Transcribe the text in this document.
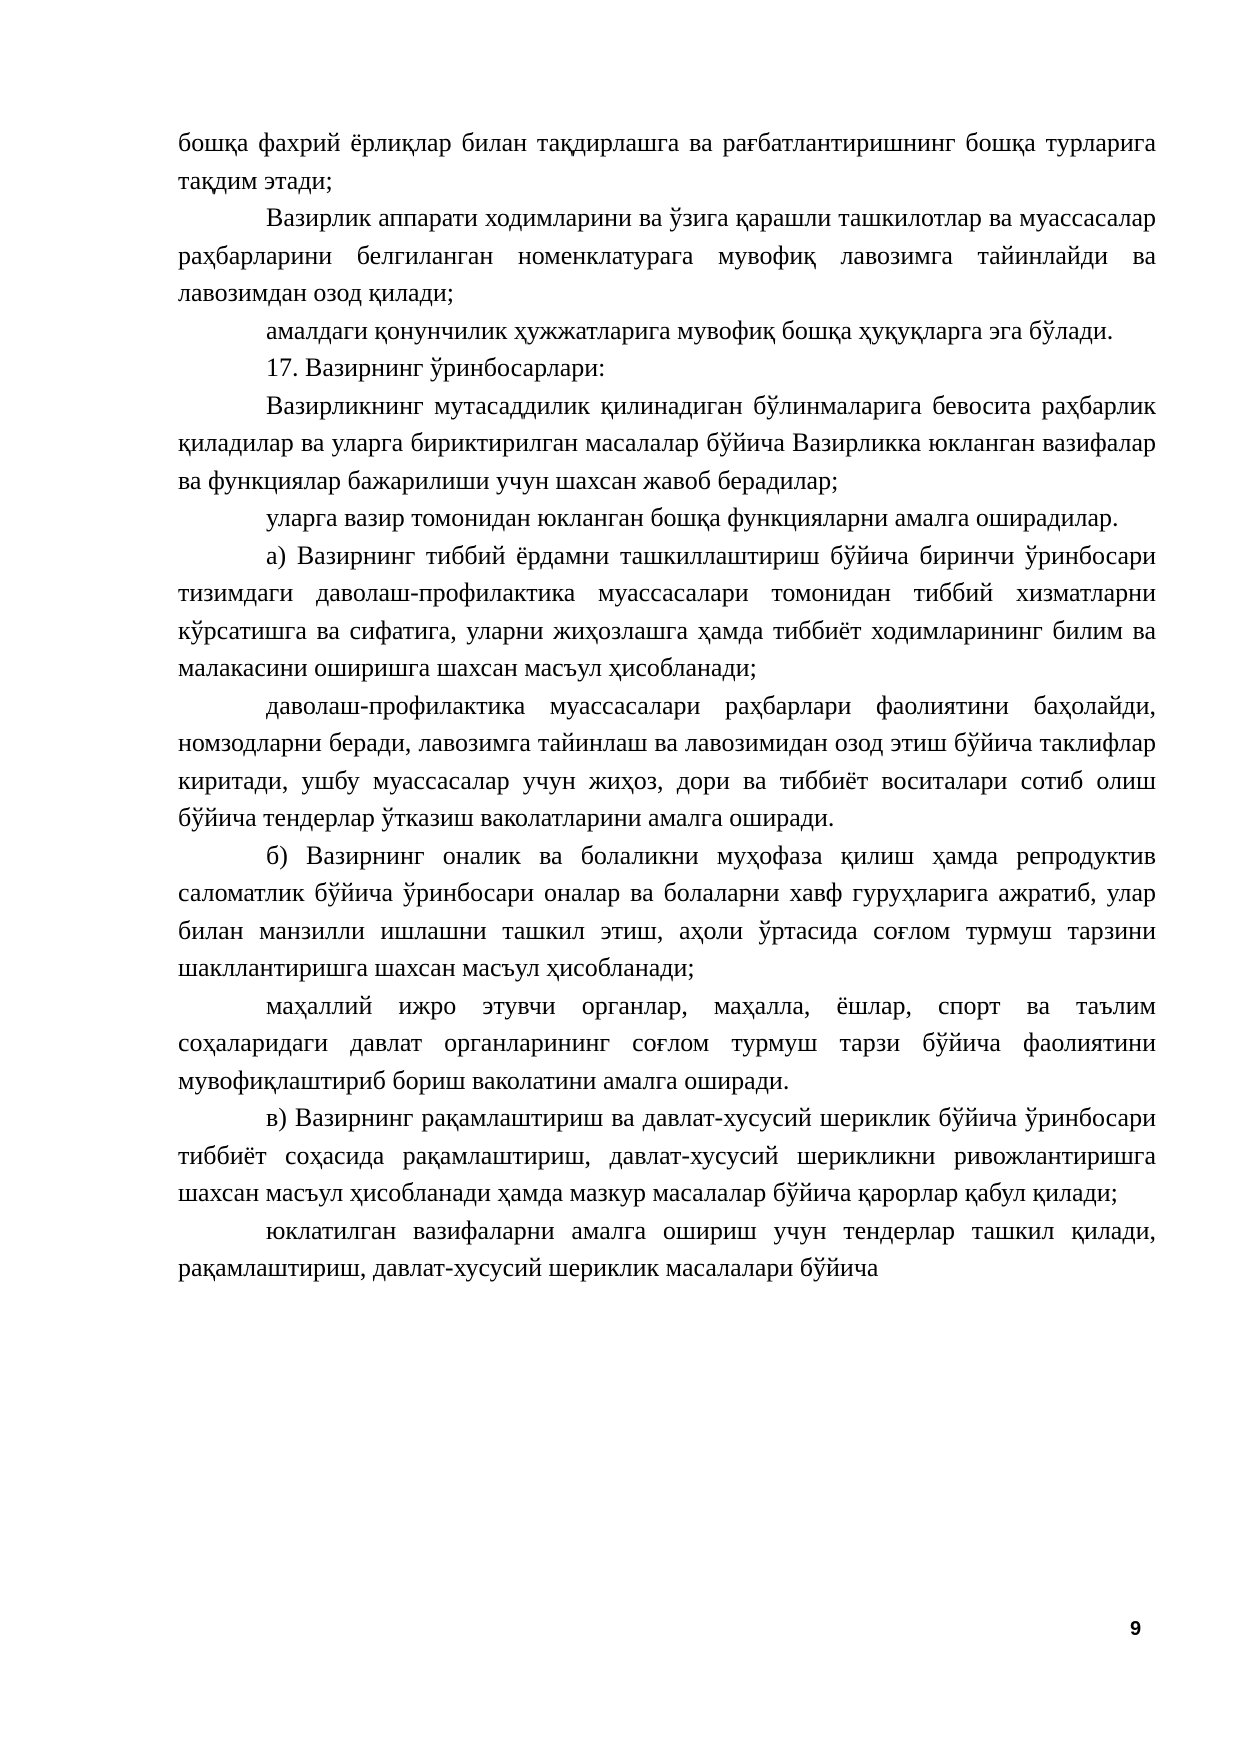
бошқа фахрий ёрлиқлар билан тақдирлашга ва рағбатлантиришнинг бошқа турларига тақдим этади;

Вазирлик аппарати ходимларини ва ўзига қарашли ташкилотлар ва муассасалар раҳбарларини белгиланган номенклатурага мувофиқ лавозимга тайинлайди ва лавозимдан озод қилади;

амалдаги қонунчилик ҳужжатларига мувофиқ бошқа ҳуқуқларга эга бўлади.

17. Вазирнинг ўринбосарлари:

Вазирликнинг мутасаддилик қилинадиган бўлинмаларига бевосита раҳбарлик қиладилар ва уларга бириктирилган масалалар бўйича Вазирликка юкланган вазифалар ва функциялар бажарилиши учун шахсан жавоб берадилар;

уларга вазир томонидан юкланган бошқа функцияларни амалга оширадилар.

а) Вазирнинг тиббий ёрдамни ташкиллаштириш бўйича биринчи ўринбосари тизимдаги даволаш-профилактика муассасалари томонидан тиббий хизматларни кўрсатишга ва сифатига, уларни жиҳозлашга ҳамда тиббиёт ходимларининг билим ва малакасини оширишга шахсан масъул ҳисобланади;

даволаш-профилактика муассасалари раҳбарлари фаолиятини баҳолайди, номзодларни беради, лавозимга тайинлаш ва лавозимидан озод этиш бўйича таклифлар киритади, ушбу муассасалар учун жиҳоз, дори ва тиббиёт воситалари сотиб олиш бўйича тендерлар ўтказиш ваколатларини амалга оширади.

б) Вазирнинг оналик ва болаликни муҳофаза қилиш ҳамда репродуктив саломатлик бўйича ўринбосари оналар ва болаларни хавф гуруҳларига ажратиб, улар билан манзилли ишлашни ташкил этиш, аҳоли ўртасида соғлом турмуш тарзини шакллантиришга шахсан масъул ҳисобланади;

маҳаллий ижро этувчи органлар, маҳалла, ёшлар, спорт ва таълим соҳаларидаги давлат органларининг соғлом турмуш тарзи бўйича фаолиятини мувофиқлаштириб бориш ваколатини амалга оширади.

в) Вазирнинг рақамлаштириш ва давлат-хусусий шериклик бўйича ўринбосари тиббиёт соҳасида рақамлаштириш, давлат-хусусий шерикликни ривожлантиришга шахсан масъул ҳисобланади ҳамда мазкур масалалар бўйича қарорлар қабул қилади;

юклатилган вазифаларни амалга ошириш учун тендерлар ташкил қилади, рақамлаштириш, давлат-хусусий шериклик масалалари бўйича

9
